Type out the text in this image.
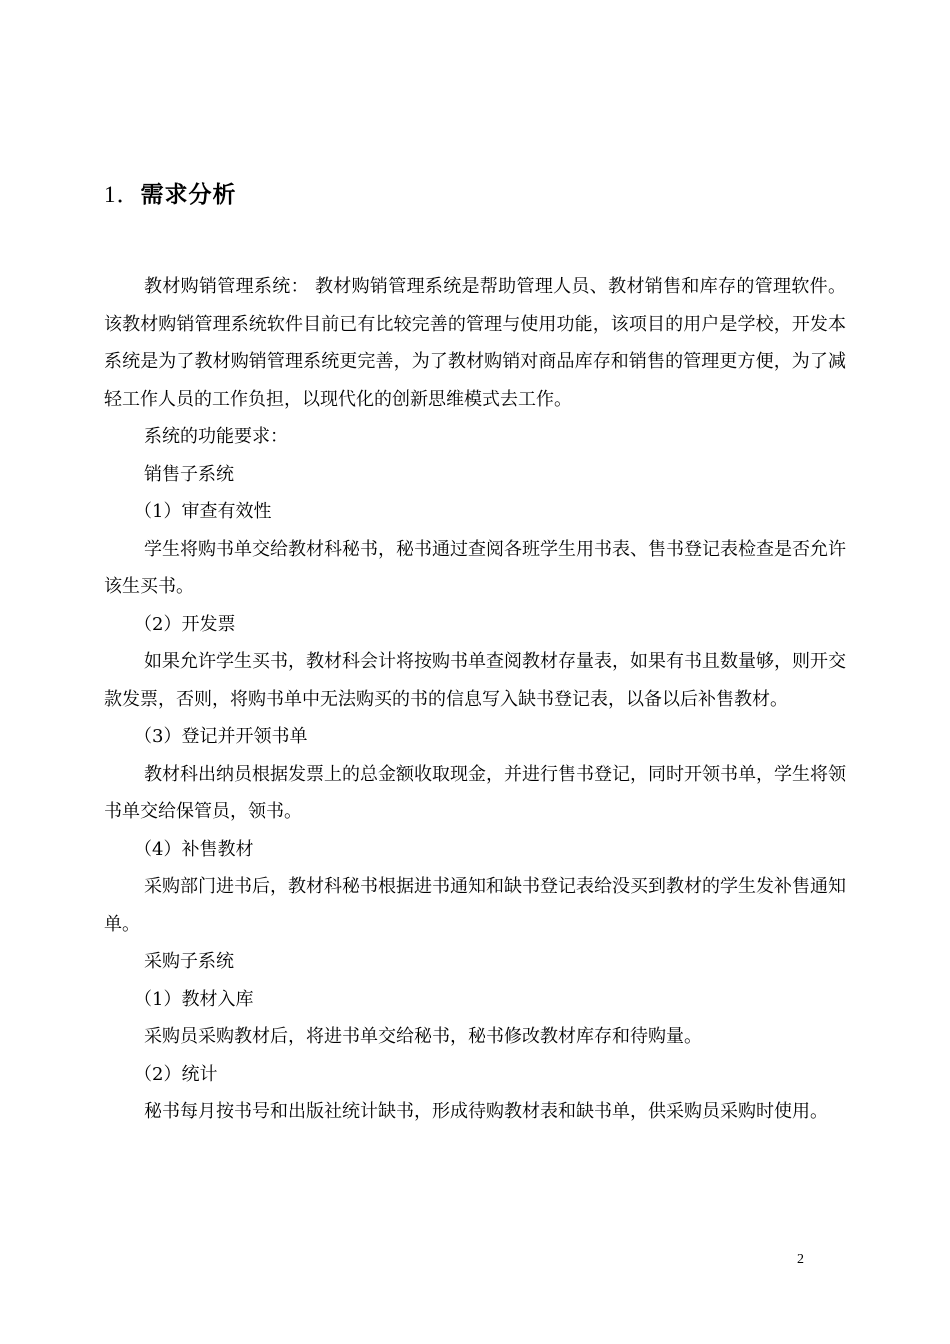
1．需求分析

教材购销管理系统： 教材购销管理系统是帮助管理人员、教材销售和库存的管理软件。该教材购销管理系统软件目前已有比较完善的管理与使用功能，该项目的用户是学校，开发本系统是为了教材购销管理系统更完善，为了教材购销对商品库存和销售的管理更方便，为了减轻工作人员的工作负担，以现代化的创新思维模式去工作。

系统的功能要求：

销售子系统

（1）审查有效性

学生将购书单交给教材科秘书，秘书通过查阅各班学生用书表、售书登记表检查是否允许该生买书。

（2）开发票

如果允许学生买书，教材科会计将按购书单查阅教材存量表，如果有书且数量够，则开交款发票，否则，将购书单中无法购买的书的信息写入缺书登记表，以备以后补售教材。

（3）登记并开领书单

教材科出纳员根据发票上的总金额收取现金，并进行售书登记，同时开领书单，学生将领书单交给保管员，领书。

（4）补售教材

采购部门进书后，教材科秘书根据进书通知和缺书登记表给没买到教材的学生发补售通知单。

采购子系统

（1）教材入库

采购员采购教材后，将进书单交给秘书，秘书修改教材库存和待购量。

（2）统计

秘书每月按书号和出版社统计缺书，形成待购教材表和缺书单，供采购员采购时使用。

2
